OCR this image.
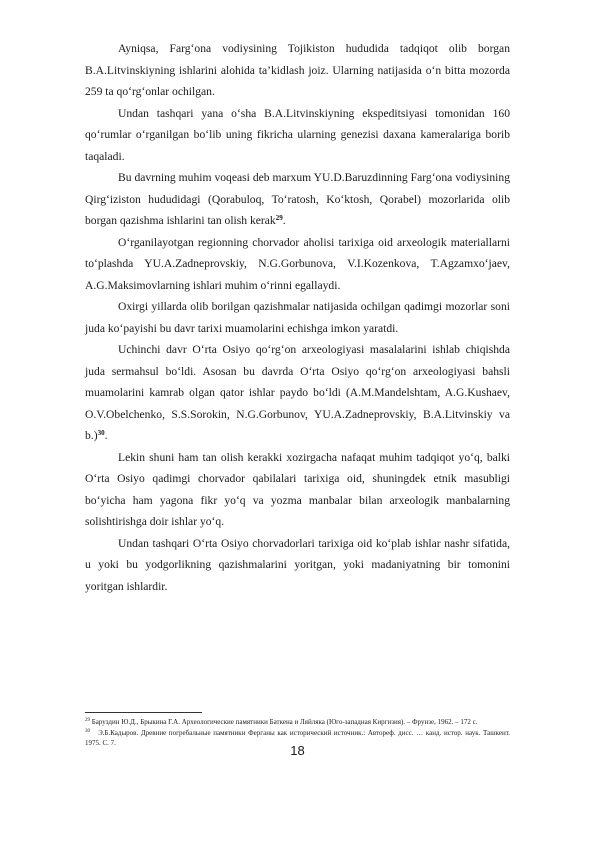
Ayniqsa, Farg‘ona vodiysining Tojikiston hududida tadqiqot olib borgan B.A.Litvinskiyning ishlarini alohida ta’kidlash joiz. Ularning natijasida o‘n bitta mozorda 259 ta qo‘rg‘onlar ochilgan.

Undan tashqari yana o‘sha B.A.Litvinskiyning ekspeditsiyasi tomonidan 160 qo‘rumlar o‘rganilgan bo‘lib uning fikricha ularning genezisi daxana kameralariga borib taqaladi.

Bu davrning muhim voqeasi deb marxum YU.D.Baruzdinning Farg‘ona vodiysining Qirg‘iziston hududidagi (Qorabuloq, To‘ratosh, Ko‘ktosh, Qorabel) mozorlarida olib borgan qazishma ishlarini tan olish kerak$^{29}$.

O‘rganilayotgan regionning chorvador aholisi tarixiga oid arxeologik materiallarni to‘plashda YU.A.Zadneprovskiy, N.G.Gorbunova, V.I.Kozenkova, T.Agzamxo‘jaev, A.G.Maksimovlarning ishlari muhim o‘rinni egallaydi.

Oxirgi yillarda olib borilgan qazishmalar natijasida ochilgan qadimgi mozorlar soni juda ko‘payishi bu davr tarixi muamolarini echishga imkon yaratdi.

Uchinchi davr O‘rta Osiyo qo‘rg‘on arxeologiyasi masalalarini ishlab chiqishda juda sermahsul bo‘ldi. Asosan bu davrda O‘rta Osiyo qo‘rg‘on arxeologiyasi bahsli muamolarini kamrab olgan qator ishlar paydo bo‘ldi (A.M.Mandelshtam, A.G.Kushaev, O.V.Obelchenko, S.S.Sorokin, N.G.Gorbunov, YU.A.Zadneprovskiy, B.A.Litvinskiy va b.)$^{30}$.

Lekin shuni ham tan olish kerakki xozirgacha nafaqat muhim tadqiqot yo‘q, balki O‘rta Osiyo qadimgi chorvador qabilalari tarixiga oid, shuningdek etnik masubligi bo‘yicha ham yagona fikr yo‘q va yozma manbalar bilan arxeologik manbalarning solishtirishga doir ishlar yo‘q.

Undan tashqari O‘rta Osiyo chorvadorlari tarixiga oid ko‘plab ishlar nashr sifatida, u yoki bu yodgorlikning qazishmalarini yoritgan, yoki madaniyatning bir tomonini yoritgan ishlardir.

$^{29}$ Баруздин Ю.Д., Брыкина Г.А. Археологические памятники Баткена и Ляйляка (Юго-западная Киргизия). – Фрунзе, 1962. – 172 с.

$^{30}$ Э.Б.Кадыров. Древние погребальные памятники Ферганы как исторический источник.: Автореф. дисс. … канд. истор. наук. Ташкент. 1975. С. 7.	18
